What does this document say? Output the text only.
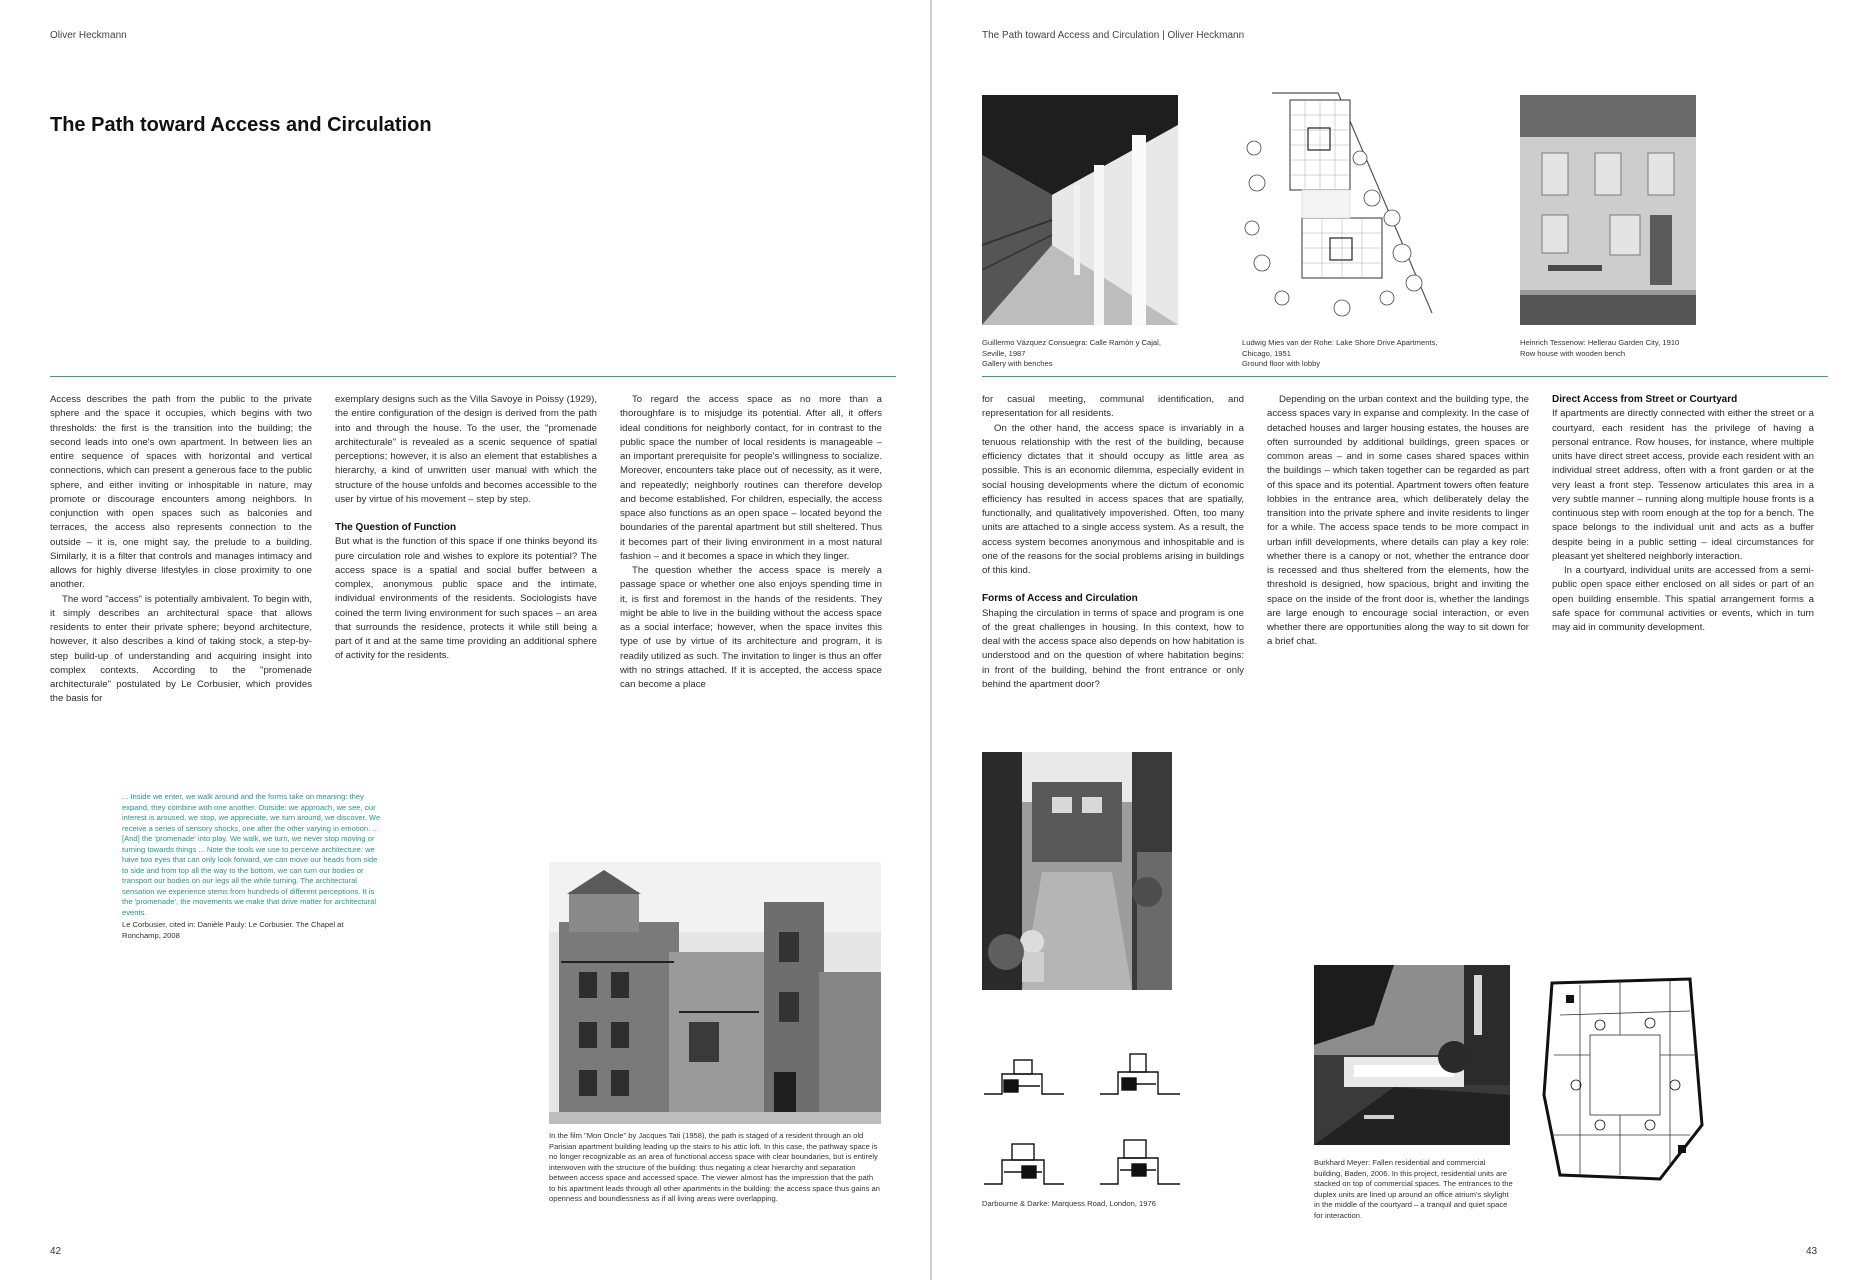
Oliver Heckmann
The Path toward Access and Circulation

Access describes the path from the public to the private sphere and the space it occupies, which begins with two thresholds: the first is the transition into the building; the second leads into one's own apartment. In between lies an entire sequence of spaces with horizontal and vertical connections, which can present a generous face to the public sphere, and either inviting or inhospitable in nature, may promote or discourage encounters among neighbors. In conjunction with open spaces such as balconies and terraces, the access also represents connection to the outside – it is, one might say, the prelude to a building. Similarly, it is a filter that controls and manages intimacy and allows for highly diverse lifestyles in close proximity to one another.

The word "access" is potentially ambivalent. To begin with, it simply describes an architectural space that allows residents to enter their private sphere; beyond architecture, however, it also describes a kind of taking stock, a step-by-step build-up of understanding and acquiring insight into complex contexts. According to the "promenade architecturale" postulated by Le Corbusier, which provides the basis for

exemplary designs such as the Villa Savoye in Poissy (1929), the entire configuration of the design is derived from the path into and through the house. To the user, the "promenade architecturale" is revealed as a scenic sequence of spatial perceptions; however, it is also an element that establishes a hierarchy, a kind of unwritten user manual with which the structure of the house unfolds and becomes accessible to the user by virtue of his movement – step by step.

The Question of Function

But what is the function of this space if one thinks beyond its pure circulation role and wishes to explore its potential? The access space is a spatial and social buffer between a complex, anonymous public space and the intimate, individual environments of the residents. Sociologists have coined the term living environment for such spaces – an area that surrounds the residence, protects it while still being a part of it and at the same time providing an additional sphere of activity for the residents.

To regard the access space as no more than a thoroughfare is to misjudge its potential. After all, it offers ideal conditions for neighborly contact, for in contrast to the public space the number of local residents is manageable – an important prerequisite for people's willingness to socialize. Moreover, encounters take place out of necessity, as it were, and repeatedly; neighborly routines can therefore develop and become established. For children, especially, the access space also functions as an open space – located beyond the boundaries of the parental apartment but still sheltered. Thus it becomes part of their living environment in a most natural fashion – and it becomes a space in which they linger.

The question whether the access space is merely a passage space or whether one also enjoys spending time in it, is first and foremost in the hands of the residents. They might be able to live in the building without the access space as a social interface; however, when the space invites this type of use by virtue of its architecture and program, it is readily utilized as such. The invitation to linger is thus an offer with no strings attached. If it is accepted, the access space can become a place

... Inside we enter, we walk around and the forms take on meaning: they expand, they combine with one another. Outside: we approach, we see, our interest is aroused, we stop, we appreciate, we turn around, we discover. We receive a series of sensory shocks, one after the other varying in emotion. ... [And] the 'promenade' into play. We walk, we turn, we never stop moving or turning towards things ... Note the tools we use to perceive architecture: we have two eyes that can only look forward, we can move our heads from side to side and from top all the way to the bottom, we can turn our bodies or transport our bodies on our legs all the while turning. The architectural sensation we experience stems from hundreds of different perceptions. It is the 'promenade', the movements we make that drive matter for architectural events.
Le Corbusier, cited in: Danièle Pauly: Le Corbusier. The Chapel at Ronchamp, 2008
In the film "Mon Oncle" by Jacques Tati (1958), the path is staged of a resident through an old Parisian apartment building leading up the stairs to his attic loft. In this case, the pathway space is no longer recognizable as an area of functional access space with clear boundaries, but is entirely interwoven with the structure of the building: thus negating a clear hierarchy and separation between access space and accessed space. The viewer almost has the impression that the path to his apartment leads through all other apartments in the building: the access space thus gains an openness and boundlessness as if all living areas were overlapping.
42
The Path toward Access and Circulation | Oliver Heckmann
Guillermo Vázquez Consuegra: Calle Ramón y Cajal, Seville, 1987
Gallery with benches
Ludwig Mies van der Rohe: Lake Shore Drive Apartments, Chicago, 1951
Ground floor with lobby
Heinrich Tessenow: Hellerau Garden City, 1910
Row house with wooden bench

for casual meeting, communal identification, and representation for all residents.

On the other hand, the access space is invariably in a tenuous relationship with the rest of the building, because efficiency dictates that it should occupy as little area as possible. This is an economic dilemma, especially evident in social housing developments where the dictum of economic efficiency has resulted in access spaces that are spatially, functionally, and qualitatively impoverished. Often, too many units are attached to a single access system. As a result, the access system becomes anonymous and inhospitable and is one of the reasons for the social problems arising in buildings of this kind.

Forms of Access and Circulation

Shaping the circulation in terms of space and program is one of the great challenges in housing. In this context, how to deal with the access space also depends on how habitation is understood and on the question of where habitation begins: in front of the building, behind the front entrance or only behind the apartment door?

Depending on the urban context and the building type, the access spaces vary in expanse and complexity. In the case of detached houses and larger housing estates, the houses are often surrounded by additional buildings, green spaces or common areas – and in some cases shared spaces within the buildings – which taken together can be regarded as part of this space and its potential. Apartment towers often feature lobbies in the entrance area, which deliberately delay the transition into the private sphere and invite residents to linger for a while. The access space tends to be more compact in urban infill developments, where details can play a key role: whether there is a canopy or not, whether the entrance door is recessed and thus sheltered from the elements, how the threshold is designed, how spacious, bright and inviting the space on the inside of the front door is, whether the landings are large enough to encourage social interaction, or even whether there are opportunities along the way to sit down for a brief chat.

Direct Access from Street or Courtyard

If apartments are directly connected with either the street or a courtyard, each resident has the privilege of having a personal entrance. Row houses, for instance, where multiple units have direct street access, provide each resident with an individual street address, often with a front garden or at the very least a front step. Tessenow articulates this area in a very subtle manner – running along multiple house fronts is a continuous step with room enough at the top for a bench. The space belongs to the individual unit and acts as a buffer despite being in a public setting – ideal circumstances for pleasant yet sheltered neighborly interaction.

In a courtyard, individual units are accessed from a semi-public open space either enclosed on all sides or part of an open building ensemble. This spatial arrangement forms a safe space for communal activities or events, which in turn may aid in community development.

Darbourne & Darke: Marquess Road, London, 1976
Burkhard Meyer: Fallen residential and commercial building, Baden, 2006. In this project, residential units are stacked on top of commercial spaces. The entrances to the duplex units are lined up around an office atrium's skylight in the middle of the courtyard – a tranquil and quiet space for interaction.
43
